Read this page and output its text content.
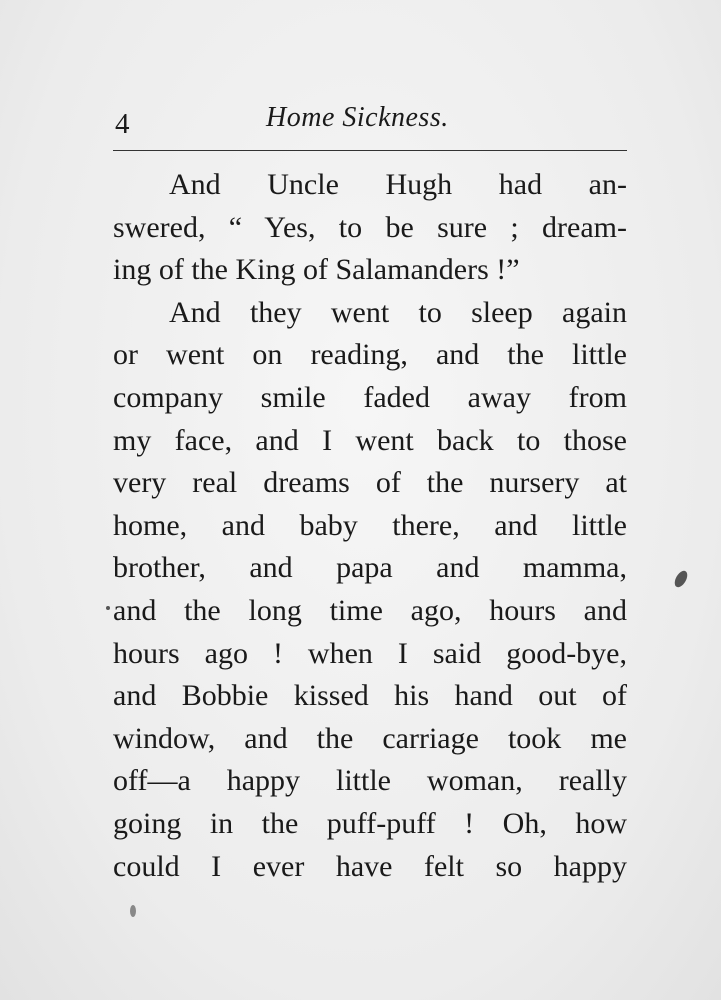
4	Home Sickness.
And Uncle Hugh had an-
swered, “ Yes, to be sure ; dream-
ing of the King of Salamanders !”
And they went to sleep again
or went on reading, and the little
company smile faded away from
my face, and I went back to those
very real dreams of the nursery at
home, and baby there, and little
brother, and papa and mamma,
and the long time ago, hours and
hours ago ! when I said good-bye,
and Bobbie kissed his hand out of
window, and the carriage took me
off—a happy little woman, really
going in the puff-puff ! Oh, how
could I ever have felt so happy
